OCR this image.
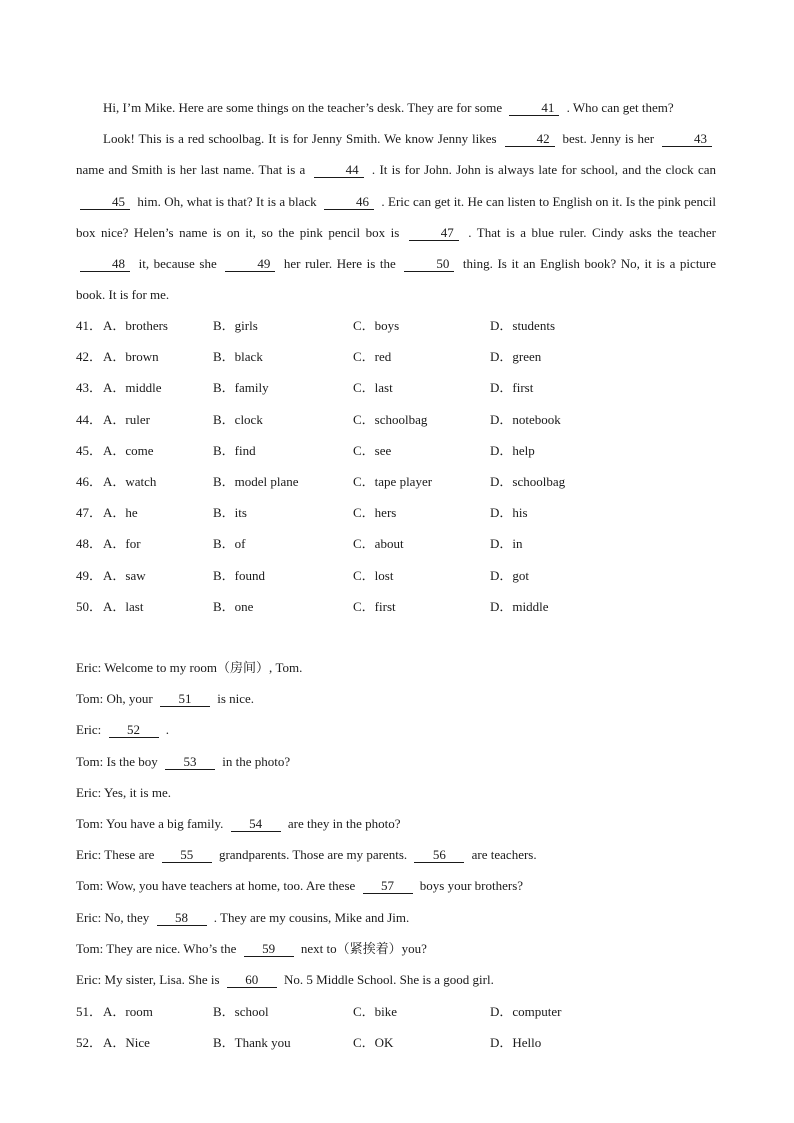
Hi, I’m Mike. Here are some things on the teacher’s desk. They are for some	41 . Who can get them?

Look! This is a red schoolbag. It is for Jenny Smith. We know Jenny likes	42 best. Jenny is her	43 name and Smith is her last name. That is a	44 . It is for John. John is always late for school, and the clock can 45 him. Oh, what is that? It is a black	46 . Eric can get it. He can listen to English on it. Is the pink pencil box nice? Helen’s name is on it, so the pink pencil box is	47 . That is a blue ruler. Cindy asks the teacher 48 it, because she	49 her ruler. Here is the	50 thing. Is it an English book? No, it is a picture book. It is for me.

41． A．brothers	B．girls	C．boys	D．students
42． A．brown	B．black	C．red	D．green
43． A．middle	B．family	C．last	D．first
44． A．ruler	B．clock	C．schoolbag	D．notebook
45． A．come	B．find	C．see	D．help
46． A．watch	B．model plane	C．tape player	D．schoolbag
47． A．he	B．its	C．hers	D．his
48． A．for	B．of	C．about	D．in
49． A．saw	B．found	C．lost	D．got
50． A．last	B．one	C．first	D．middle
Eric: Welcome to my room（房间）, Tom.
Tom: Oh, your 51 is nice.
Eric: 52 .
Tom: Is the boy 53 in the photo?
Eric: Yes, it is me.
Tom: You have a big family. 54 are they in the photo?
Eric: These are 55 grandparents. Those are my parents. 56 are teachers.
Tom: Wow, you have teachers at home, too. Are these 57 boys your brothers?
Eric: No, they 58 . They are my cousins, Mike and Jim.
Tom: They are nice. Who’s the 59 next to（紧挨着）you?
Eric: My sister, Lisa. She is 60 No. 5 Middle School. She is a good girl.
51． A．room	B．school	C．bike	D．computer
52． A．Nice	B．Thank you	C．OK	D．Hello
